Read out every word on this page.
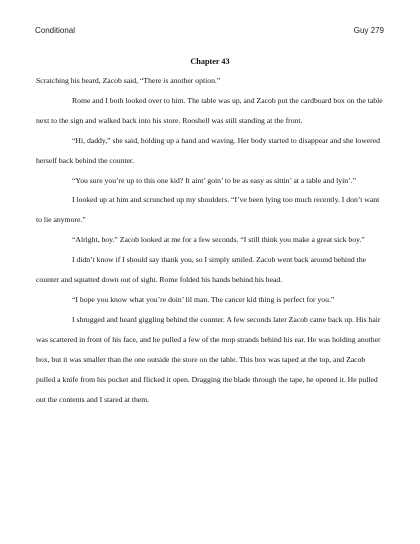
Conditional	Guy 279
Chapter 43

Scratching his beard, Zacob said, “There is another option.”

Rome and I both looked over to him. The table was up, and Zacob put the cardboard box on the table next to the sign and walked back into his store. Rooshell was still standing at the front.

“Hi, daddy,” she said, holding up a hand and waving. Her body started to disappear and she lowered herself back behind the counter.

“You sure you’re up to this one kid? It aint’ goin’ to be as easy as sittin’ at a table and lyin’.”

I looked up at him and scrunched up my shoulders. “I’ve been lying too much recently. I don’t want to lie anymore.”

“Alright, boy.” Zacob looked at me for a few seconds. “I still think you make a great sick boy.”

I didn’t know if I should say thank you, so I simply smiled. Zacob went back around behind the counter and squatted down out of sight. Rome folded his hands behind his head.

“I hope you know what you’re doin’ lil man. The cancer kid thing is perfect for you.”

I shrugged and heard giggling behind the counter. A few seconds later Zacob came back up. His hair was scattered in front of his face, and he pulled a few of the mop strands behind his ear. He was holding another box, but it was smaller than the one outside the store on the table. This box was taped at the top, and Zacob pulled a knife from his pocket and flicked it open. Dragging the blade through the tape, he opened it. He pulled out the contents and I stared at them.
